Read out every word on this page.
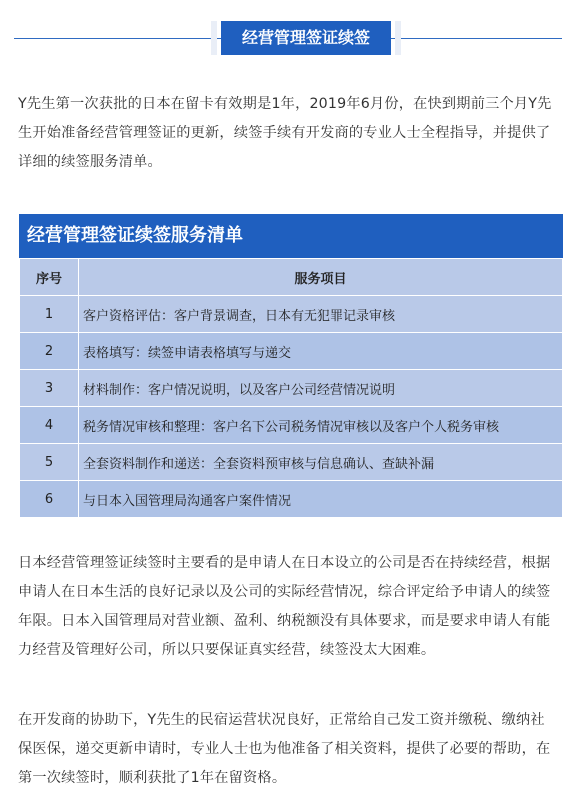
经营管理签证续签

Y先生第一次获批的日本在留卡有效期是1年，2019年6月份，在快到期前三个月Y先生开始准备经营管理签证的更新，续签手续有开发商的专业人士全程指导，并提供了详细的续签服务清单。

经营管理签证续签服务清单
序号	服务项目
1	客户资格评估：客户背景调查，日本有无犯罪记录审核
2	表格填写：续签申请表格填写与递交
3	材料制作：客户情况说明，以及客户公司经营情况说明
4	税务情况审核和整理：客户名下公司税务情况审核以及客户个人税务审核
5	全套资料制作和递送：全套资料预审核与信息确认、查缺补漏
6	与日本入国管理局沟通客户案件情况

日本经营管理签证续签时主要看的是申请人在日本设立的公司是否在持续经营，根据申请人在日本生活的良好记录以及公司的实际经营情况，综合评定给予申请人的续签年限。日本入国管理局对营业额、盈利、纳税额没有具体要求，而是要求申请人有能力经营及管理好公司，所以只要保证真实经营，续签没太大困难。

在开发商的协助下，Y先生的民宿运营状况良好，正常给自己发工资并缴税、缴纳社保医保，递交更新申请时，专业人士也为他准备了相关资料，提供了必要的帮助，在第一次续签时，顺利获批了1年在留资格。
